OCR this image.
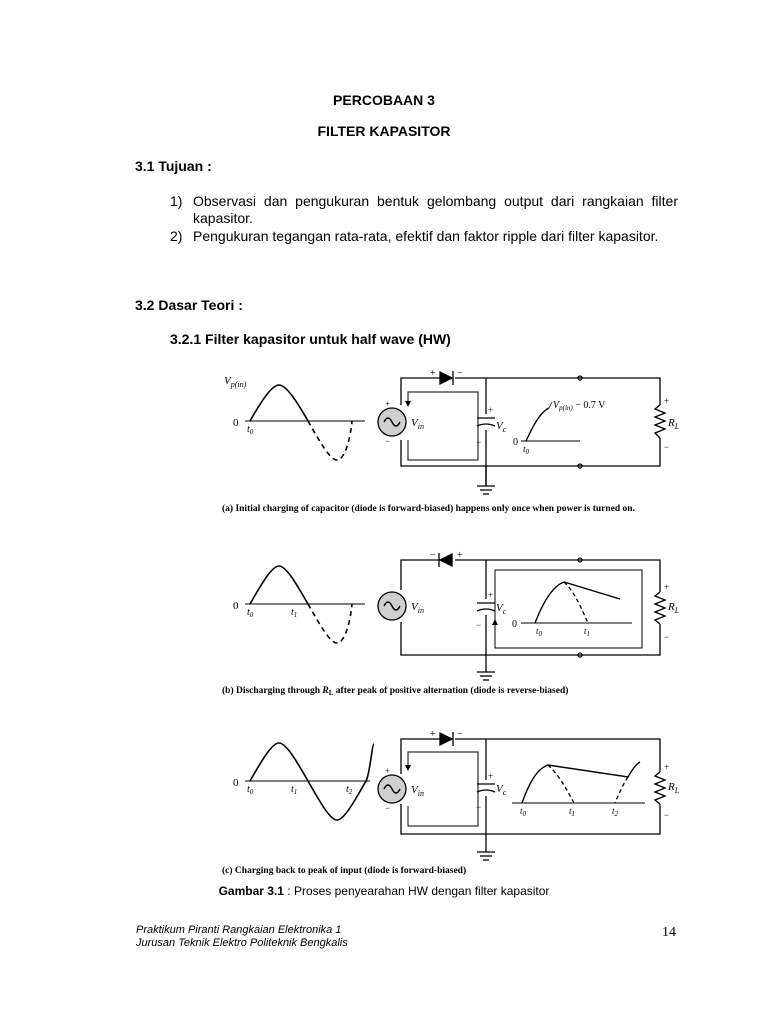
PERCOBAAN 3
FILTER KAPASITOR
3.1 Tujuan :
1) Observasi dan pengukuran bentuk gelombang output dari rangkaian filter kapasitor.
2) Pengukuran tegangan rata-rata, efektif dan faktor ripple dari filter kapasitor.
3.2 Dasar Teori :
3.2.1 Filter kapasitor untuk half wave (HW)
$V_{p(in)}$
0
$t_0$
+ −
+
−
$V_c$
+
−
$V_{in}$	$R_L$
+
−
0
$t_0$
$V_{p(in)} - 0.7$ V
(a) Initial charging of capacitor (diode is forward-biased) happens only once when power is turned on.
0
$t_0$	$t_1$
− +
+
−
$V_c$
$V_{in}$	$R_L$
+
−
0
$t_0$	$t_1$
(b) Discharging through $R_L$ after peak of positive alternation (diode is reverse-biased)
0
$t_0$	$t_1$	$t_2$
+ −
+
−
$V_c$
+
−
$V_{in}$
$R_L$
+
−
$t_0$	$t_1$	$t_2$
(c) Charging back to peak of input (diode is forward-biased)
Gambar 3.1 : Proses penyearahan HW dengan filter kapasitor
Praktikum Piranti Rangkaian Elektronika 1
Jurusan Teknik Elektro Politeknik Bengkalis
14
